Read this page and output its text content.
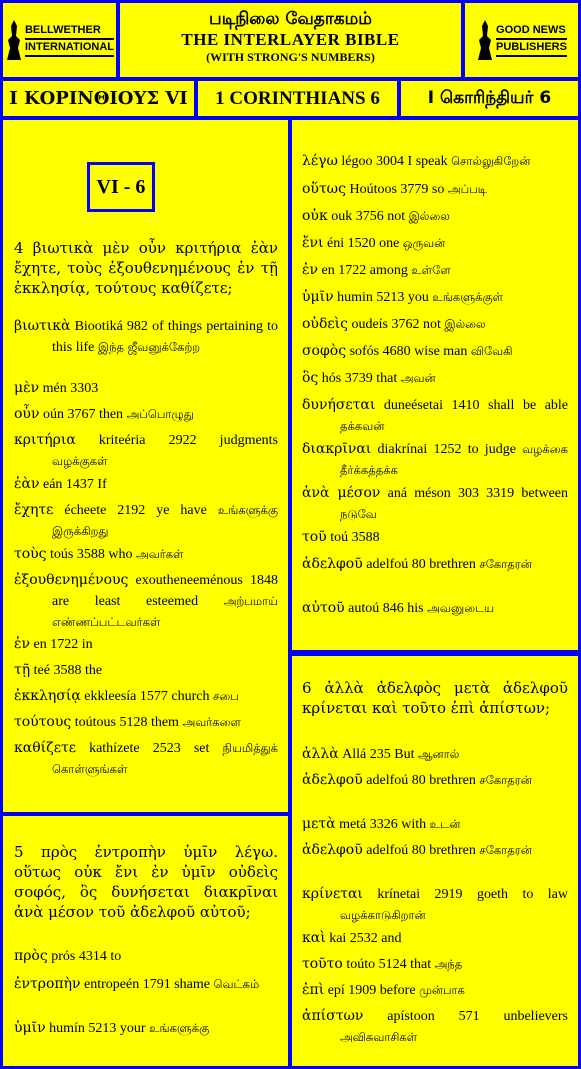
BELLWETHER
INTERNATIONAL
படிநிலை வேதாகமம்
THE INTERLAYER BIBLE
(WITH STRONG'S NUMBERS)
GOOD NEWS
PUBLISHERS
Ι ΚΟΡΙΝΘΙΟΥΣ VI 1 CORINTHIANS 6	I கொரிந்தியர் 6
VI - 6
4 βιωτικὰ μὲν οὖν κριτήρια ἐὰν ἔχητε, τοὺς ἐξουθενημένους ἐν τῇ ἐκκλησίᾳ, τούτους καθίζετε;
βιωτικὰ Biootiká 982 of things pertaining to this life இந்த ஜீவனுக்கேற்ற
μὲν mén 3303
οὖν oún 3767 then அப்பொழுது
κριτήρια kriteéria 2922 judgments வழக்குகள்
ἐὰν eán 1437 If
ἔχητε écheete 2192 ye have உங்களுக்கு இருக்கிறது
τοὺς toús 3588 who அவர்கள்
ἐξουθενημένους exoutheneeménous 1848 are least esteemed அற்பமாய் எண்ணப்பட்டவர்கள்
ἐν en 1722 in
τῇ teé 3588 the
ἐκκλησίᾳ ekkleesía 1577 church சபை
τούτους toútous 5128 them அவர்களை
καθίζετε kathízete 2523 set நியமித்துக் கொள்ளுங்கள்
λέγω légoo 3004 I speak சொல்லுகிறேன்
οὕτως Hoútoos 3779 so அப்படி
οὐκ ouk 3756 not இல்லை
ἔνι éni 1520 one ஒருவன்
ἐν en 1722 among உள்ளே
ὑμῖν humin 5213 you உங்களுக்குள்
οὐδεὶς oudeís 3762 not இல்லை
σοφὸς sofós 4680 wise man விவேகி
ὃς hós 3739 that அவன்
δυνήσεται duneésetai 1410 shall be able தக்கவன்
διακρῖναι diakrínai 1252 to judge வழக்கை தீர்க்கத்தக்க
ἀνὰ μέσον aná méson 303 3319 between நடுவே
τοῦ toú 3588
ἀδελφοῦ adelfoú 80 brethren சகோதரன்
αὐτοῦ autoú 846 his அவனுடைய
5 πρὸς ἐντροπὴν ὑμῖν λέγω. οὕτως οὐκ ἔνι ἐν ὑμῖν οὐδεὶς σοφός, ὃς δυνήσεται διακρῖναι ἀνὰ μέσον τοῦ ἀδελφοῦ αὐτοῦ;
πρὸς prós 4314 to
ἐντροπὴν entropeén 1791 shame வெட்கம்
ὑμῖν humín 5213 your உங்களுக்கு
6 ἀλλὰ ἀδελφὸς μετὰ ἀδελφοῦ κρίνεται καὶ τοῦτο ἐπὶ ἀπίστων;
ἀλλὰ Allá 235 But ஆனால்
ἀδελφοῦ adelfoú 80 brethren சகோதரன்
μετὰ metá 3326 with உடன்
ἀδελφοῦ adelfoú 80 brethren சகோதரன்
κρίνεται krínetai 2919 goeth to law வழக்காடுகிறான்
καὶ kai 2532 and
τοῦτο toúto 5124 that அந்த
ἐπὶ epí 1909 before முன்பாக
ἀπίστων apístoon 571 unbelievers அவிசுவாசிகள்
